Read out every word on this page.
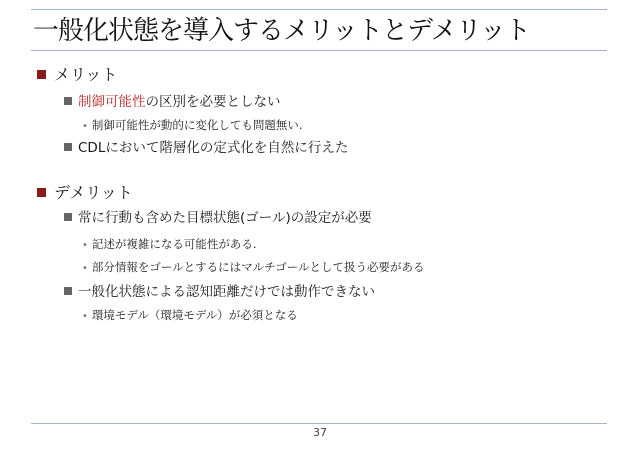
一般化状態を導入するメリットとデメリット
メリット
制御可能性の区別を必要としない
• 制御可能性が動的に変化しても問題無い.
CDLにおいて階層化の定式化を自然に行えた
デメリット
常に行動も含めた目標状態(ゴール)の設定が必要
• 記述が複雑になる可能性がある.
• 部分情報をゴールとするにはマルチゴールとして扱う必要がある
一般化状態による認知距離だけでは動作できない
• 環境モデル（環境モデル）が必須となる
37
